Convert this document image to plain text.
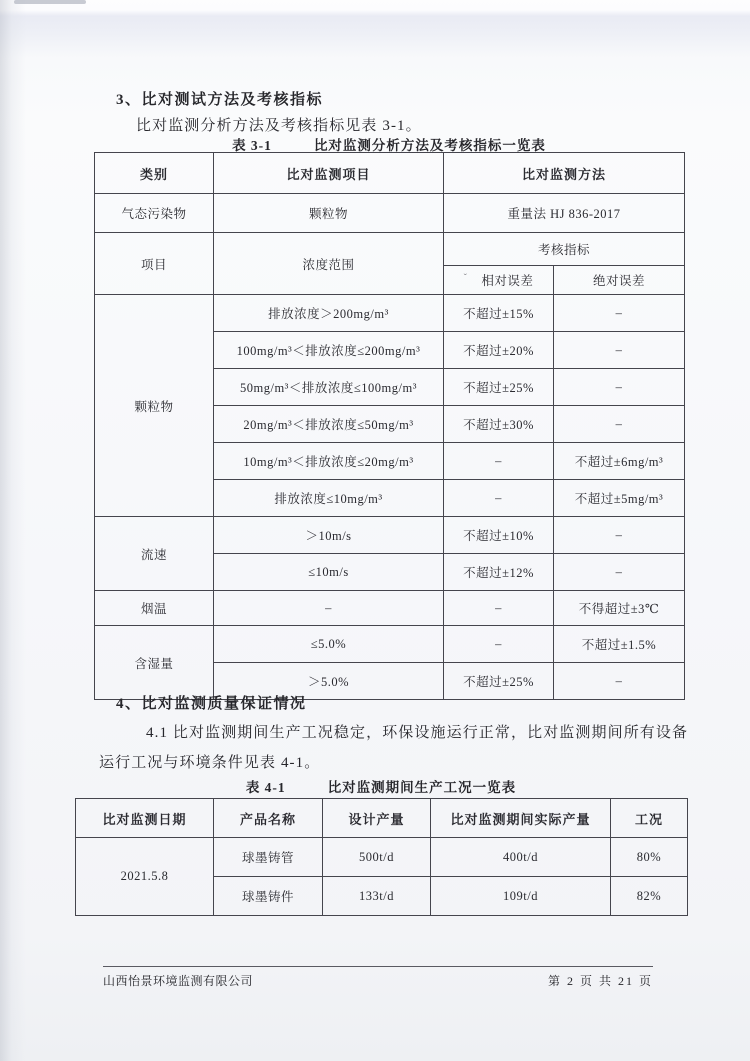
3、比对测试方法及考核指标
比对监测分析方法及考核指标见表 3-1。
表 3-1	比对监测分析方法及考核指标一览表
类别	比对监测项目	比对监测方法	
气态污染物	颗粒物	重量法 HJ 836-2017	
项目	浓度范围	考核指标	
		$^ˇ$ 相对误差	绝对误差
颗粒物	排放浓度＞200mg/m³	不超过±15%	–
	100mg/m³＜排放浓度≤200mg/m³	不超过±20%	–
	50mg/m³＜排放浓度≤100mg/m³	不超过±25%	–
	20mg/m³＜排放浓度≤50mg/m³	不超过±30%	–
	10mg/m³＜排放浓度≤20mg/m³	–	不超过±6mg/m³
	排放浓度≤10mg/m³	–	不超过±5mg/m³
流速	＞10m/s	不超过±10%	–
	≤10m/s	不超过±12%	–
烟温	–	–	不得超过±3℃
含湿量	≤5.0%	–	不超过±1.5%
	＞5.0%	不超过±25%	–
4、比对监测质量保证情况
4.1 比对监测期间生产工况稳定，环保设施运行正常，比对监测期间所有设备
运行工况与环境条件见表 4-1。
表 4-1	比对监测期间生产工况一览表
比对监测日期	产品名称	设计产量	比对监测期间实际产量	工况
2021.5.8	球墨铸管	500t/d	400t/d	80%
	球墨铸件	133t/d	109t/d	82%
山西怡景环境监测有限公司	第 2 页 共 21 页
